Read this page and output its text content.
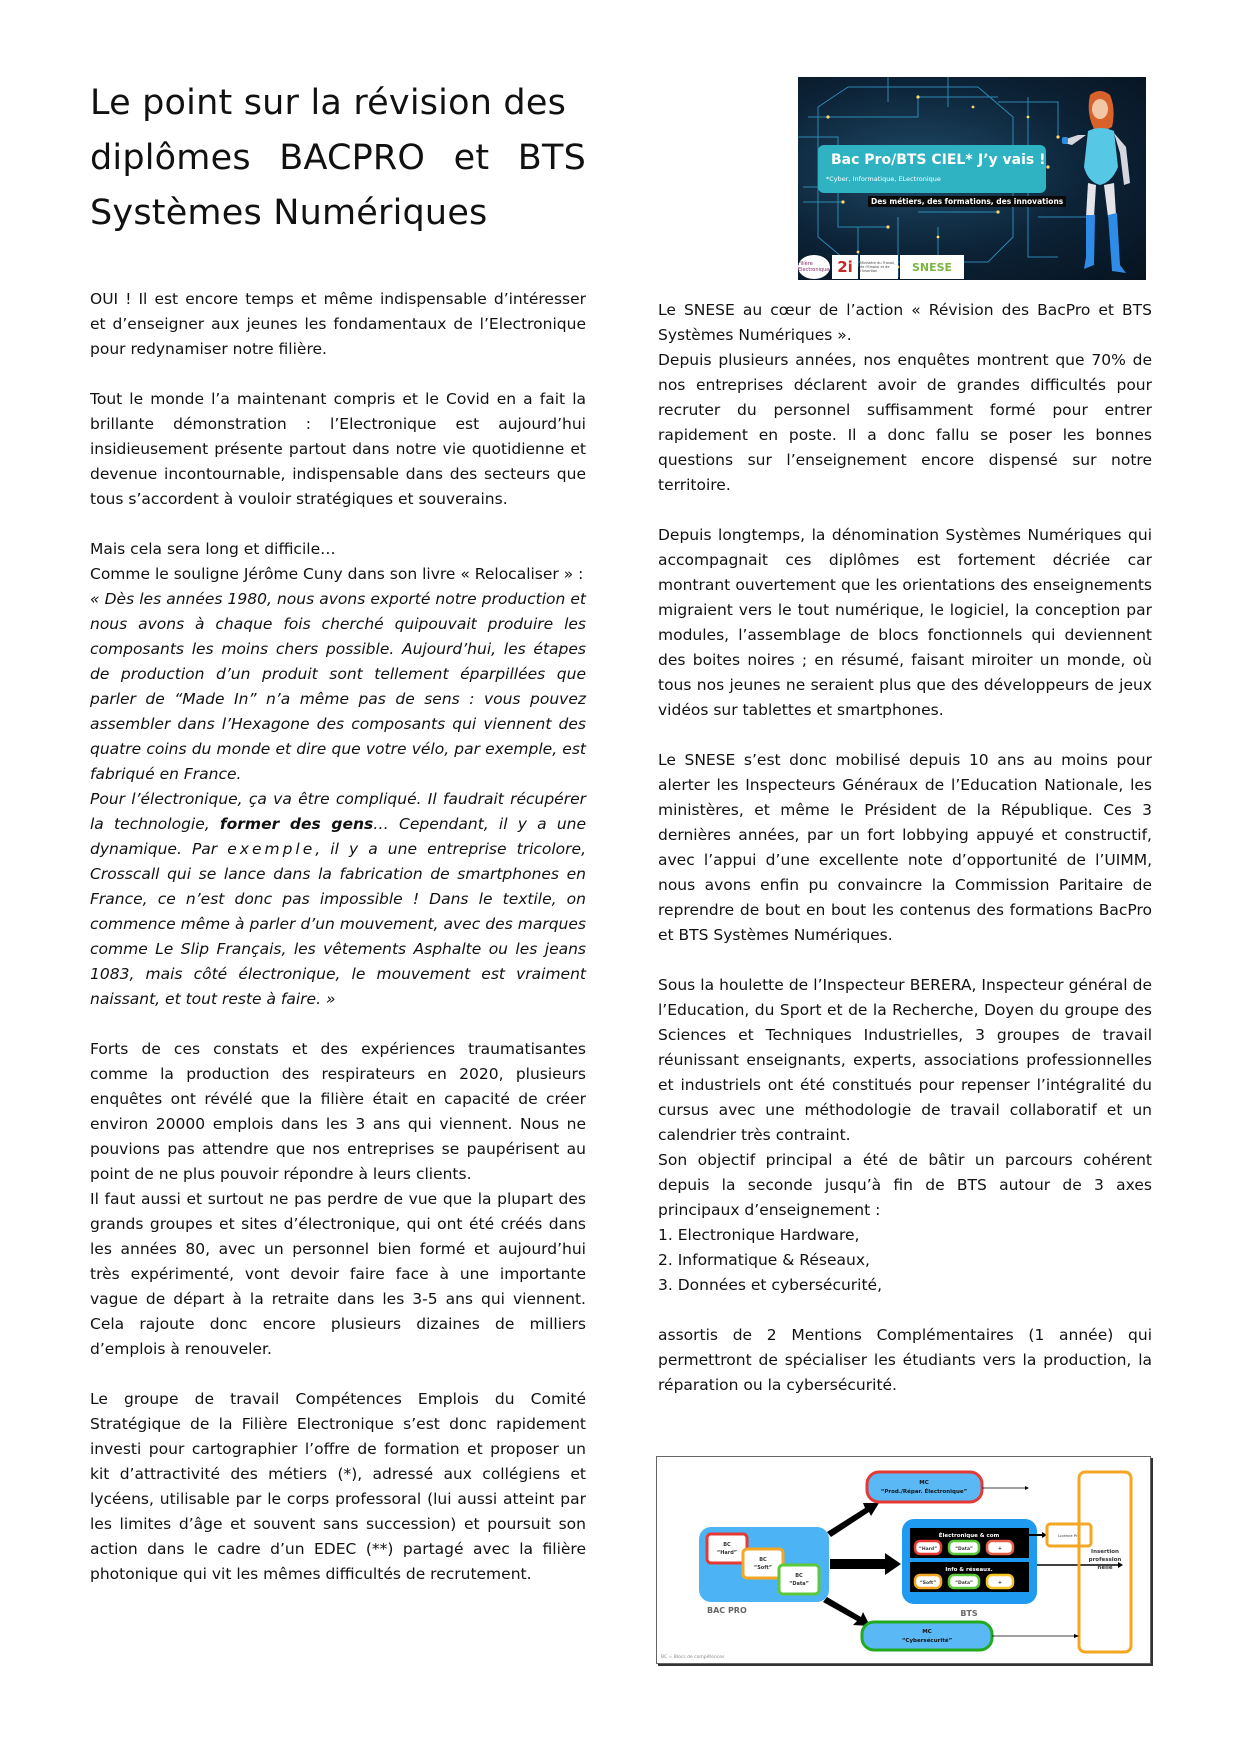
Le point sur la révision des
diplômes BACPRO et BTS
Systèmes Numériques
Bac Pro/BTS CIEL* J’y vais !
*Cyber, Informatique, ELectronique
Des métiers, des formations, des innovations
Filière Electronique 2i	Ministère du Travail, de l'Emploi et de l'Insertion	SNESE

OUI ! Il est encore temps et même indispensable d’intéresser et d’enseigner aux jeunes les fondamentaux de l’Electronique pour redynamiser notre filière.

Tout le monde l’a maintenant compris et le Covid en a fait la brillante démonstration : l’Electronique est aujourd’hui insidieusement présente partout dans notre vie quotidienne et devenue incontournable, indispensable dans des secteurs que tous s’accordent à vouloir stratégiques et souverains.

Mais cela sera long et difficile…

Comme le souligne Jérôme Cuny dans son livre « Relocaliser » :

« Dès les années 1980, nous avons exporté notre production et nous avons à chaque fois cherché quipouvait produire les composants les moins chers possible. Aujourd’hui, les étapes de production d’un produit sont tellement éparpillées que parler de “Made In” n’a même pas de sens : vous pouvez assembler dans l’Hexagone des composants qui viennent des quatre coins du monde et dire que votre vélo, par exemple, est fabriqué en France.

Pour l’électronique, ça va être compliqué. Il faudrait récupérer la technologie, former des gens… Cependant, il y a une dynamique. Par exemple, il y a une entreprise tricolore, Crosscall qui se lance dans la fabrication de smartphones en France, ce n’est donc pas impossible ! Dans le textile, on commence même à parler d’un mouvement, avec des marques comme Le Slip Français, les vêtements Asphalte ou les jeans 1083, mais côté électronique, le mouvement est vraiment naissant, et tout reste à faire. »

Forts de ces constats et des expériences traumatisantes comme la production des respirateurs en 2020, plusieurs enquêtes ont révélé que la filière était en capacité de créer environ 20000 emplois dans les 3 ans qui viennent. Nous ne pouvions pas attendre que nos entreprises se paupérisent au point de ne plus pouvoir répondre à leurs clients.

Il faut aussi et surtout ne pas perdre de vue que la plupart des grands groupes et sites d’électronique, qui ont été créés dans les années 80, avec un personnel bien formé et aujourd’hui très expérimenté, vont devoir faire face à une importante vague de départ à la retraite dans les 3-5 ans qui viennent. Cela rajoute donc encore plusieurs dizaines de milliers d’emplois à renouveler.

Le groupe de travail Compétences Emplois du Comité Stratégique de la Filière Electronique s’est donc rapidement investi pour cartographier l’offre de formation et proposer un kit d’attractivité des métiers (*), adressé aux collégiens et lycéens, utilisable par le corps professoral (lui aussi atteint par les limites d’âge et souvent sans succession) et poursuit son action dans le cadre d’un EDEC (**) partagé avec la filière photonique qui vit les mêmes difficultés de recrutement.

Le SNESE au cœur de l’action « Révision des BacPro et BTS Systèmes Numériques ».

Depuis plusieurs années, nos enquêtes montrent que 70% de nos entreprises déclarent avoir de grandes difficultés pour recruter du personnel suffisamment formé pour entrer rapidement en poste. Il a donc fallu se poser les bonnes questions sur l’enseignement encore dispensé sur notre territoire.

Depuis longtemps, la dénomination Systèmes Numériques qui accompagnait ces diplômes est fortement décriée car montrant ouvertement que les orientations des enseignements migraient vers le tout numérique, le logiciel, la conception par modules, l’assemblage de blocs fonctionnels qui deviennent des boites noires ; en résumé, faisant miroiter un monde, où tous nos jeunes ne seraient plus que des développeurs de jeux vidéos sur tablettes et smartphones.

Le SNESE s’est donc mobilisé depuis 10 ans au moins pour alerter les Inspecteurs Généraux de l’Education Nationale, les ministères, et même le Président de la République. Ces 3 dernières années, par un fort lobbying appuyé et constructif, avec l’appui d’une excellente note d’opportunité de l’UIMM, nous avons enfin pu convaincre la Commission Paritaire de reprendre de bout en bout les contenus des formations BacPro et BTS Systèmes Numériques.

Sous la houlette de l’Inspecteur BERERA, Inspecteur général de l’Education, du Sport et de la Recherche, Doyen du groupe des Sciences et Techniques Industrielles, 3 groupes de travail réunissant enseignants, experts, associations professionnelles et industriels ont été constitués pour repenser l’intégralité du cursus avec une méthodologie de travail collaboratif et un calendrier très contraint.

Son objectif principal a été de bâtir un parcours cohérent depuis la seconde jusqu’à fin de BTS autour de 3 axes principaux d’enseignement :

1. Electronique Hardware,

2. Informatique & Réseaux,

3. Données et cybersécurité,

assortis de 2 Mentions Complémentaires (1 année) qui permettront de spécialiser les étudiants vers la production, la réparation ou la cybersécurité.

BAC PRO
BC
“Hard”
BC
“Soft”
BC
“Data”
MC
“Prod./Répar. Électronique”
BTS
Électronique & com
“Hard”	“Data”	+
Info & réseaux.
“Soft”	“Data”	+
Licence Pro
Insertion
profession
nelle
MC
“Cybersécurité”
BC = Blocs de compétences
